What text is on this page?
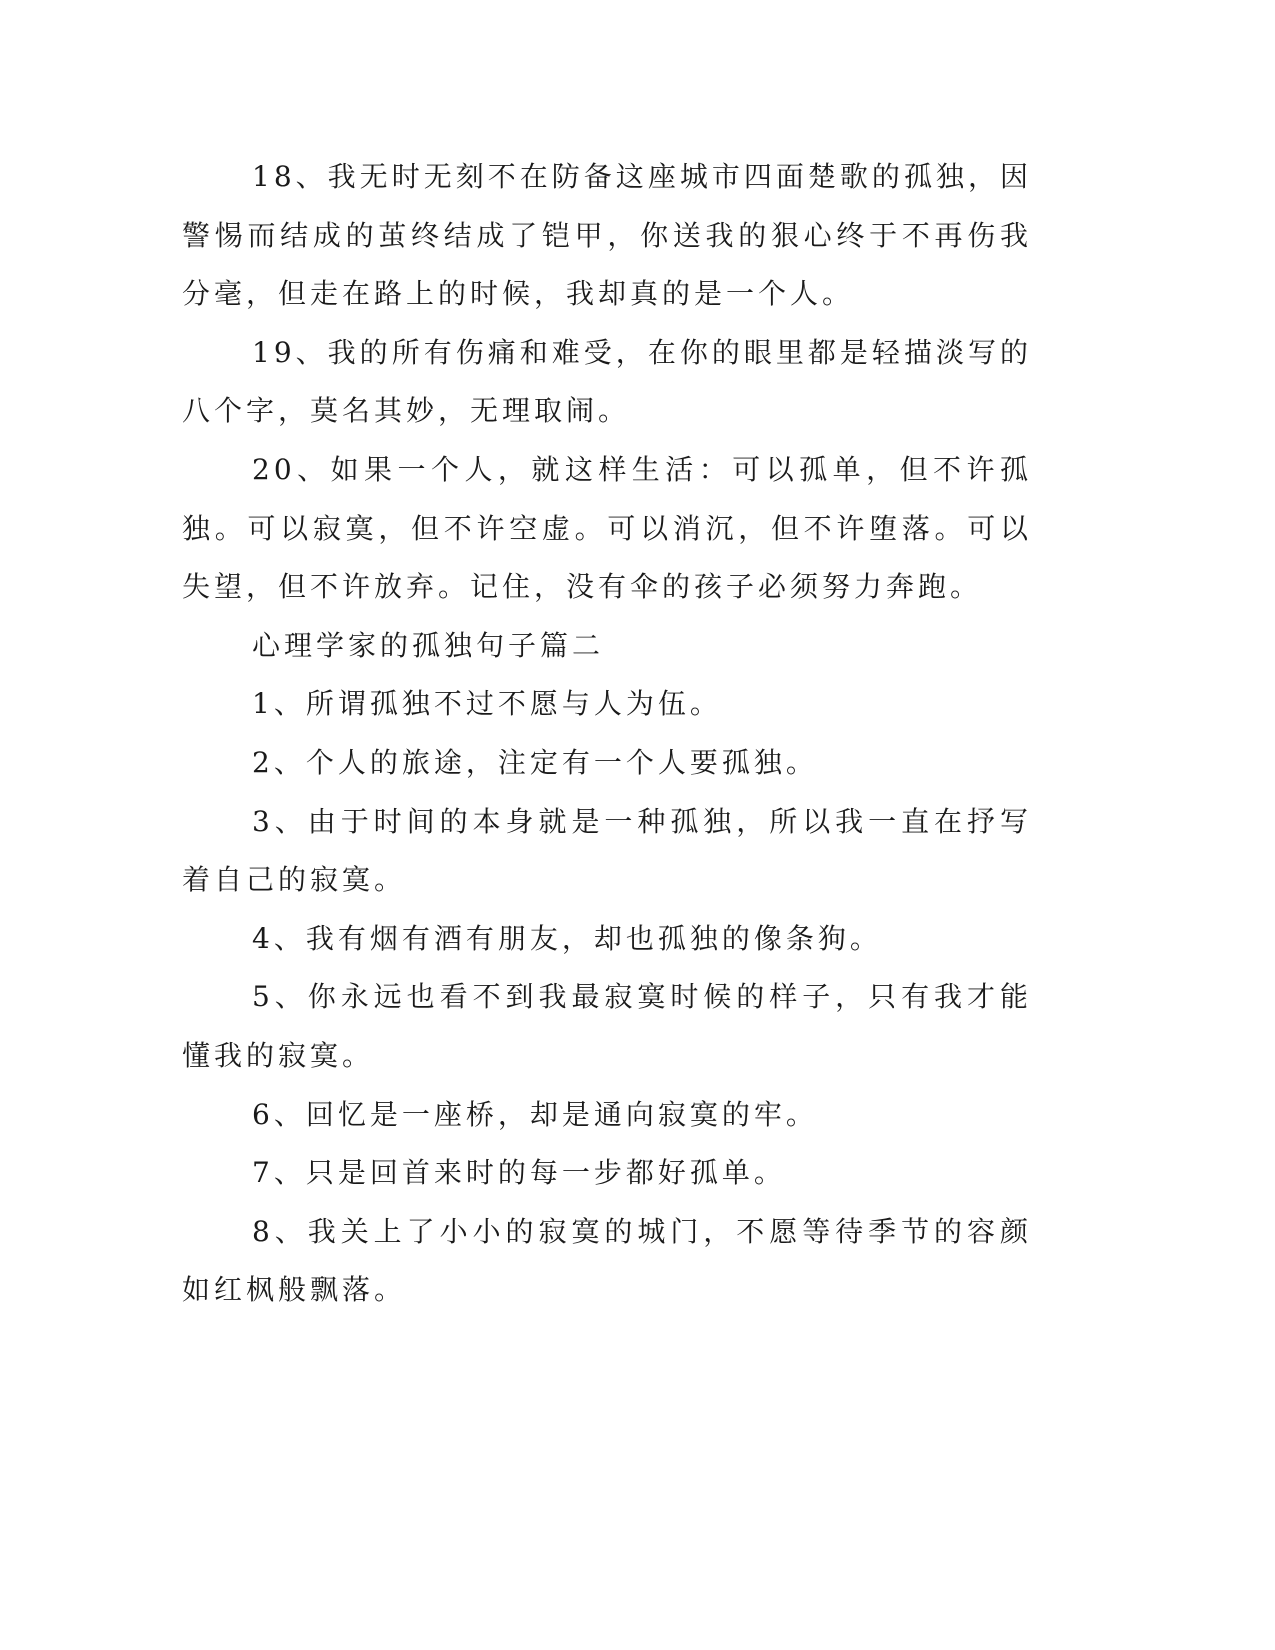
18、我无时无刻不在防备这座城市四面楚歌的孤独，因警惕而结成的茧终结成了铠甲，你送我的狠心终于不再伤我分毫，但走在路上的时候，我却真的是一个人。

19、我的所有伤痛和难受，在你的眼里都是轻描淡写的八个字，莫名其妙，无理取闹。

20、如果一个人，就这样生活：可以孤单，但不许孤独。可以寂寞，但不许空虚。可以消沉，但不许堕落。可以失望，但不许放弃。记住，没有伞的孩子必须努力奔跑。

心理学家的孤独句子篇二

1、所谓孤独不过不愿与人为伍。

2、个人的旅途，注定有一个人要孤独。

3、由于时间的本身就是一种孤独，所以我一直在抒写着自己的寂寞。

4、我有烟有酒有朋友，却也孤独的像条狗。

5、你永远也看不到我最寂寞时候的样子，只有我才能懂我的寂寞。

6、回忆是一座桥，却是通向寂寞的牢。

7、只是回首来时的每一步都好孤单。

8、我关上了小小的寂寞的城门，不愿等待季节的容颜如红枫般飘落。
